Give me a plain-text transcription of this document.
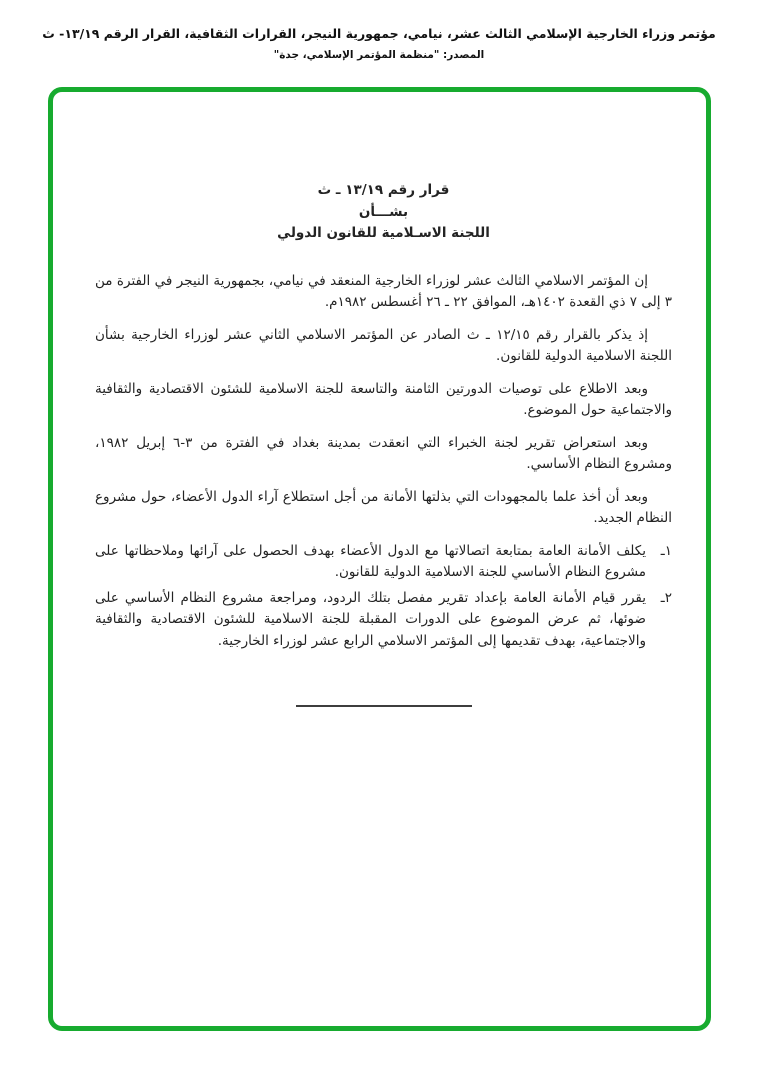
مؤتمر وزراء الخارجية الإسلامي الثالث عشر، نيامي، جمهورية النيجر، القرارات الثقافية، القرار الرقم ١٣/١٩- ث
المصدر: "منظمة المؤتمر الإسلامي، جدة"
قرار رقم ١٣/١٩ ـ ث
بشـــأن
اللجنة الاسـلامية للقانون الدولي

إن المؤتمر الاسلامي الثالث عشر لوزراء الخارجية المنعقد في نيامي، بجمهورية النيجر في الفترة من ٣ إلى ٧ ذي القعدة ١٤٠٢هـ، الموافق ٢٢ ـ ٢٦ أغسطس ١٩٨٢م.

إذ يذكر بالقرار رقم ١٢/١٥ ـ ث الصادر عن المؤتمر الاسلامي الثاني عشر لوزراء الخارجية بشأن اللجنة الاسلامية الدولية للقانون.

وبعد الاطلاع على توصيات الدورتين الثامنة والتاسعة للجنة الاسلامية للشئون الاقتصادية والثقافية والاجتماعية حول الموضوع.

وبعد استعراض تقرير لجنة الخبراء التي انعقدت بمدينة بغداد في الفترة من ٣-٦ إبريل ١٩٨٢، ومشروع النظام الأساسي.

وبعد أن أخذ علما بالمجهودات التي بذلتها الأمانة من أجل استطلاع آراء الدول الأعضاء، حول مشروع النظام الجديد.

١ـ
يكلف الأمانة العامة بمتابعة اتصالاتها مع الدول الأعضاء بهدف الحصول على آرائها وملاحظاتها على مشروع النظام الأساسي للجنة الاسلامية الدولية للقانون.
٢ـ
يقرر قيام الأمانة العامة بإعداد تقرير مفصل بتلك الردود، ومراجعة مشروع النظام الأساسي على ضوئها، ثم عرض الموضوع على الدورات المقبلة للجنة الاسلامية للشئون الاقتصادية والثقافية والاجتماعية، بهدف تقديمها إلى المؤتمر الاسلامي الرابع عشر لوزراء الخارجية.
